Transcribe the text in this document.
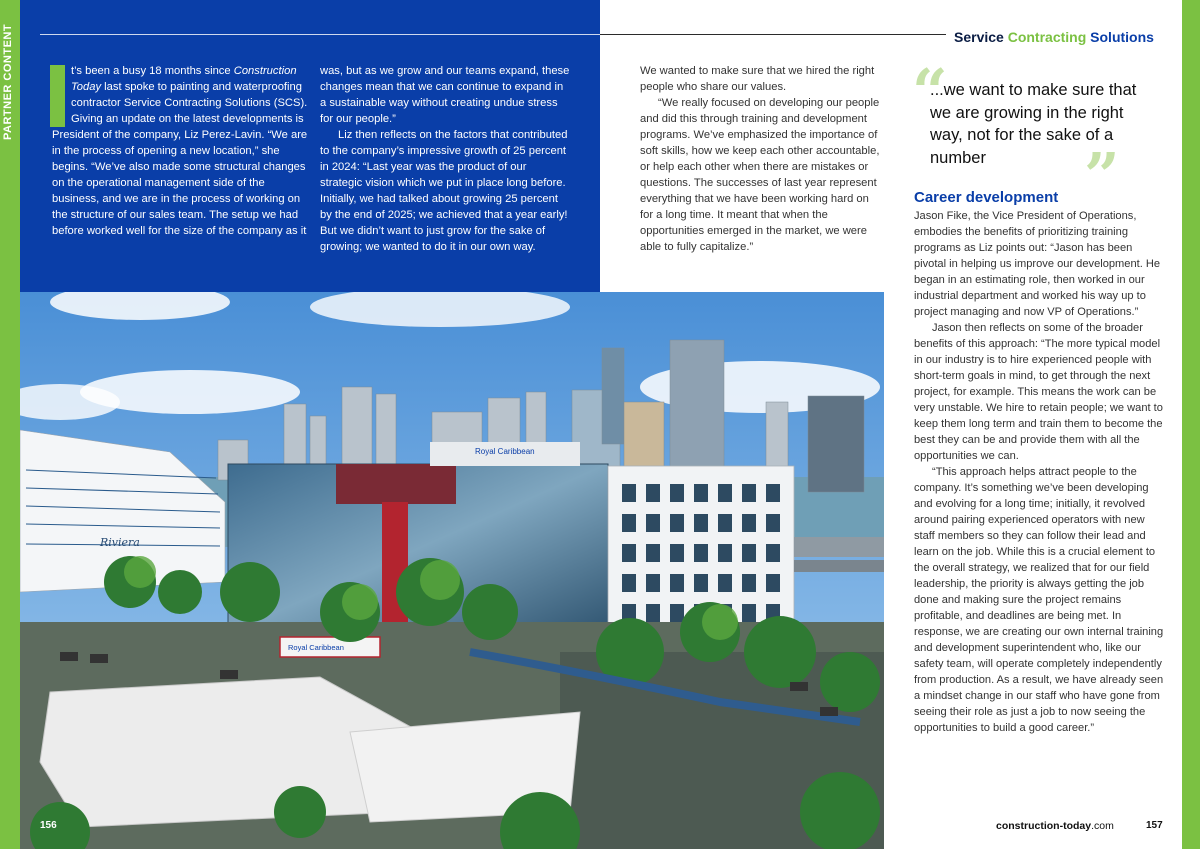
PARTNER CONTENT	Service Contracting Solutions

t’s been a busy 18 months since Construction Today last spoke to painting and waterproofing contractor Service Contracting Solutions (SCS). Giving an update on the latest developments is President of the company, Liz Perez-Lavin. “We are in the process of opening a new location,” she begins. “We’ve also made some structural changes on the operational management side of the business, and we are in the process of working on the structure of our sales team. The setup we had before worked well for the size of the company as it

was, but as we grow and our teams expand, these changes mean that we can continue to expand in a sustainable way without creating undue stress for our people.”

Liz then reflects on the factors that contributed to the company’s impressive growth of 25 percent in 2024: “Last year was the product of our strategic vision which we put in place long before. Initially, we had talked about growing 25 percent by the end of 2025; we achieved that a year early! But we didn’t want to just grow for the sake of growing; we wanted to do it in our own way.

We wanted to make sure that we hired the right people who share our values.

“We really focused on developing our people and did this through training and development programs. We’ve emphasized the importance of soft skills, how we keep each other accountable, or help each other when there are mistakes or questions. The successes of last year represent everything that we have been working hard on for a long time. It meant that when the opportunities emerged in the market, we were able to fully capitalize.”

“
...we want to make sure that we are growing in the right way, not for the sake of a number	”
Career development

Jason Fike, the Vice President of Operations, embodies the benefits of prioritizing training programs as Liz points out: “Jason has been pivotal in helping us improve our development. He began in an estimating role, then worked in our industrial department and worked his way up to project managing and now VP of Operations.”

Jason then reflects on some of the broader benefits of this approach: “The more typical model in our industry is to hire experienced people with short-term goals in mind, to get through the next project, for example. This means the work can be very unstable. We hire to retain people; we want to keep them long term and train them to become the best they can be and provide them with all the opportunities we can.

“This approach helps attract people to the company. It’s something we’ve been developing and evolving for a long time; initially, it revolved around pairing experienced operators with new staff members so they can follow their lead and learn on the job. While this is a crucial element to the overall strategy, we realized that for our field leadership, the priority is always getting the job done and making sure the project remains profitable, and deadlines are being met. In response, we are creating our own internal training and development superintendent who, like our safety team, will operate completely independently from production. As a result, we have already seen a mindset change in our staff who have gone from seeing their role as just a job to now seeing the opportunities to build a good career.”

Riviera
Royal Caribbean
Royal Caribbean
156	construction-today.com	157
